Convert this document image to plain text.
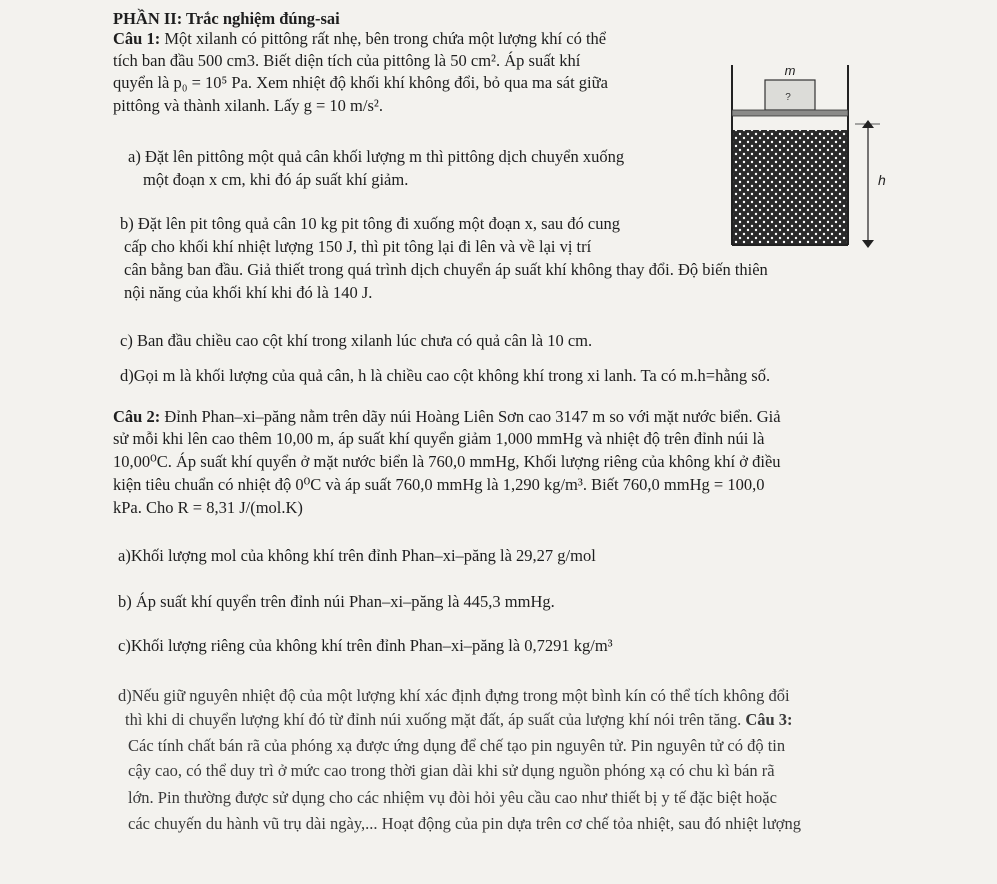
PHẦN II: Trắc nghiệm đúng-sai
Câu 1: Một xilanh có pittông rất nhẹ, bên trong chứa một lượng khí có thể
tích ban đầu 500 cm3. Biết diện tích của pittông là 50 cm². Áp suất khí
quyển là p₀ = 10⁵ Pa. Xem nhiệt độ khối khí không đổi, bỏ qua ma sát giữa
pittông và thành xilanh. Lấy g = 10 m/s².
a) Đặt lên pittông một quả cân khối lượng m thì pittông dịch chuyển xuống
một đoạn x cm, khi đó áp suất khí giảm.
b) Đặt lên pit tông quả cân 10 kg pit tông đi xuống một đoạn x, sau đó cung
cấp cho khối khí nhiệt lượng 150 J, thì pit tông lại đi lên và về lại vị trí
cân bằng ban đầu. Giả thiết trong quá trình dịch chuyển áp suất khí không thay đổi. Độ biến thiên
nội năng của khối khí khi đó là 140 J.
c) Ban đầu chiều cao cột khí trong xilanh lúc chưa có quả cân là 10 cm.
d)Gọi m là khối lượng của quả cân, h là chiều cao cột không khí trong xi lanh. Ta có m.h=hằng số.
m
?
h
Câu 2: Đỉnh Phan–xi–păng nằm trên dãy núi Hoàng Liên Sơn cao 3147 m so với mặt nước biển. Giả
sử mỗi khi lên cao thêm 10,00 m, áp suất khí quyển giảm 1,000 mmHg và nhiệt độ trên đỉnh núi là
10,00⁰C. Áp suất khí quyển ở mặt nước biển là 760,0 mmHg, Khối lượng riêng của không khí ở điều
kiện tiêu chuẩn có nhiệt độ 0⁰C và áp suất 760,0 mmHg là 1,290 kg/m³. Biết 760,0 mmHg = 100,0
kPa. Cho R = 8,31 J/(mol.K)
a)Khối lượng mol của không khí trên đỉnh Phan–xi–păng là 29,27 g/mol
b) Áp suất khí quyển trên đỉnh núi Phan–xi–păng là 445,3 mmHg.
c)Khối lượng riêng của không khí trên đỉnh Phan–xi–păng là 0,7291 kg/m³
d)Nếu giữ nguyên nhiệt độ của một lượng khí xác định đựng trong một bình kín có thể tích không đổi
thì khi di chuyển lượng khí đó từ đỉnh núi xuống mặt đất, áp suất của lượng khí nói trên tăng. Câu 3:
Các tính chất bán rã của phóng xạ được ứng dụng để chế tạo pin nguyên tử. Pin nguyên tử có độ tin
cậy cao, có thể duy trì ở mức cao trong thời gian dài khi sử dụng nguồn phóng xạ có chu kì bán rã
lớn. Pin thường được sử dụng cho các nhiệm vụ đòi hỏi yêu cầu cao như thiết bị y tế đặc biệt hoặc
các chuyến du hành vũ trụ dài ngày,... Hoạt động của pin dựa trên cơ chế tỏa nhiệt, sau đó nhiệt lượng
